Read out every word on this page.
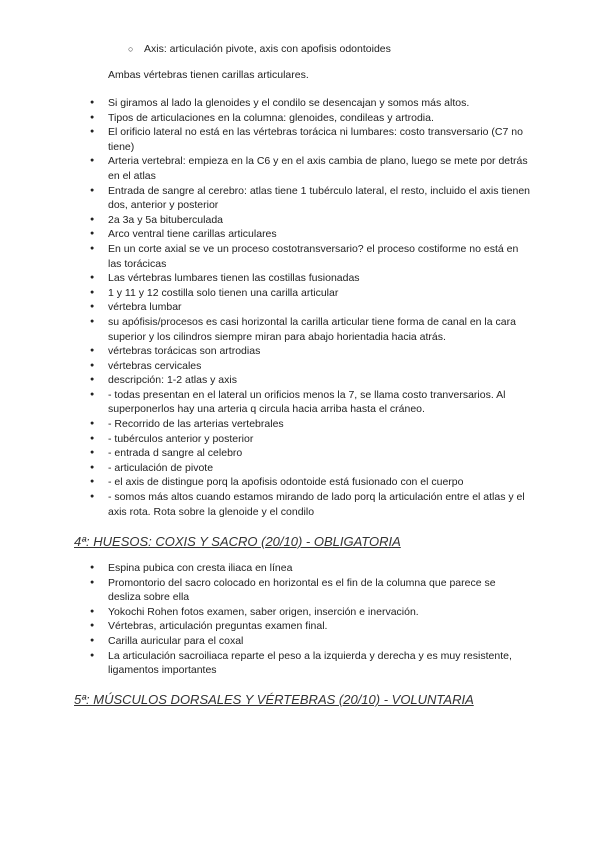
○ Axis: articulación pivote, axis con apofisis odontoides
Ambas vértebras tienen carillas articulares.
● Si giramos al lado la glenoides y el condilo se desencajan y somos más altos.
● Tipos de articulaciones en la columna: glenoides, condileas y artrodia.
● El orificio lateral no está en las vértebras torácica ni lumbares: costo transversario (C7 no tiene)
● Arteria vertebral: empieza en la C6 y en el axis cambia de plano, luego se mete por detrás en el atlas
● Entrada de sangre al cerebro: atlas tiene 1 tubérculo lateral, el resto, incluido el axis tienen dos, anterior y posterior
● 2a 3a y 5a bituberculada
● Arco ventral tiene carillas articulares
● En un corte axial se ve un proceso costotransversario? el proceso costiforme no está en las torácicas
● Las vértebras lumbares tienen las costillas fusionadas
● 1 y 11 y 12 costilla solo tienen una carilla articular
● vértebra lumbar
● su apófisis/procesos es casi horizontal la carilla articular tiene forma de canal en la cara superior y los cilindros siempre miran para abajo horientadia hacia atrás.
● vértebras torácicas son artrodias
● vértebras cervicales
● descripción: 1-2 atlas y axis
● - todas presentan en el lateral un orificios menos la 7, se llama costo tranversarios. Al superponerlos hay una arteria q circula hacia arriba hasta el cráneo.
● - Recorrido de las arterias vertebrales
● - tubérculos anterior y posterior
● - entrada d sangre al celebro
● - articulación de pivote
● - el axis de distingue porq la apofisis odontoide está fusionado con el cuerpo
● - somos más altos cuando estamos mirando de lado porq la articulación entre el atlas y el axis rota. Rota sobre la glenoide y el condilo
4ª: HUESOS: COXIS Y SACRO (20/10) - OBLIGATORIA
● Espina pubica con cresta iliaca en línea
● Promontorio del sacro colocado en horizontal es el fin de la columna que parece se desliza sobre ella
● Yokochi Rohen fotos examen, saber origen, inserción e inervación.
● Vértebras, articulación preguntas examen final.
● Carilla auricular para el coxal
● La articulación sacroiliaca reparte el peso a la izquierda y derecha y es muy resistente, ligamentos importantes
5ª: MÚSCULOS DORSALES Y VÉRTEBRAS (20/10) - VOLUNTARIA
